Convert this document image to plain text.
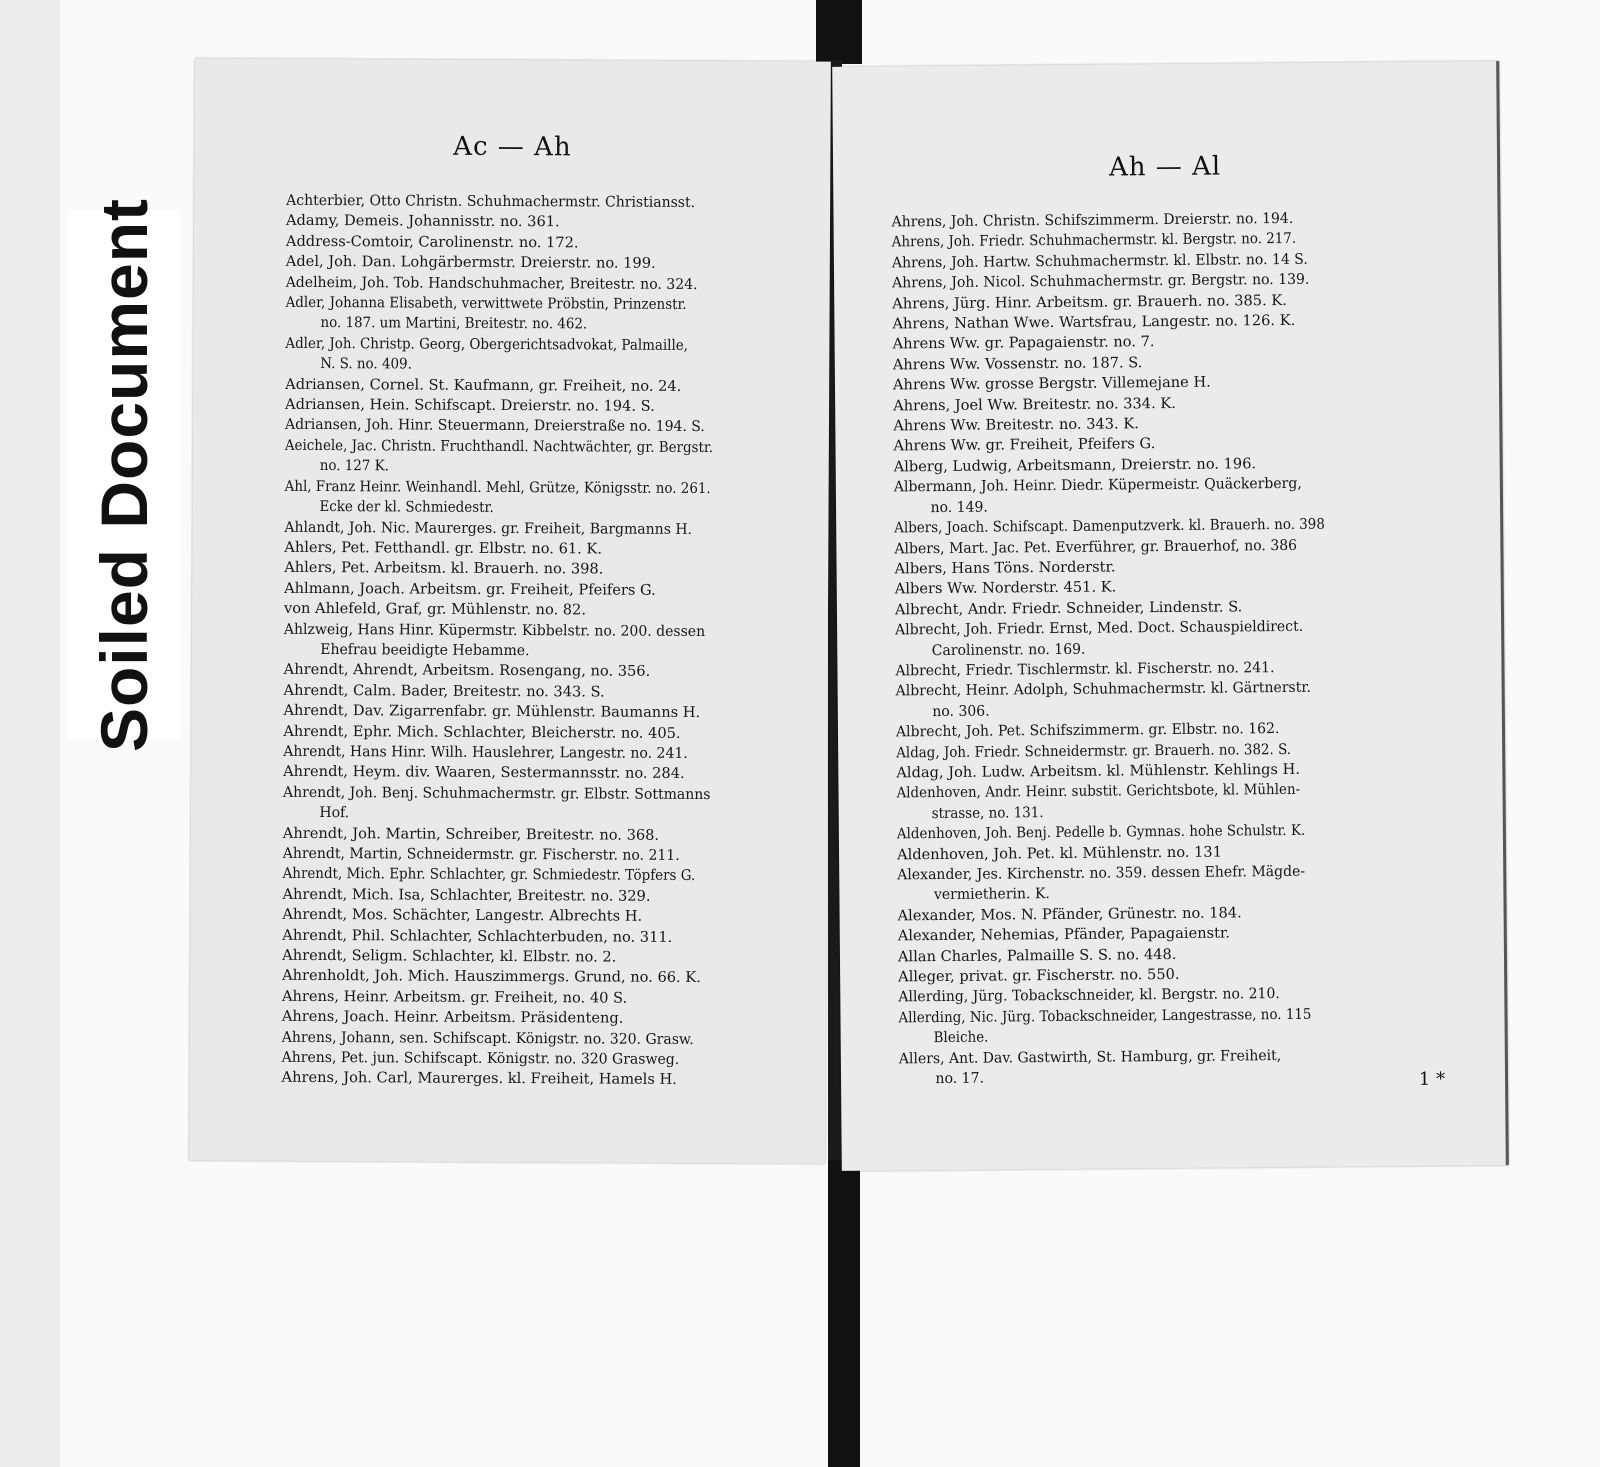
Soiled Document
Ac — Ah
Achterbier, Otto Christn. Schuhmachermstr. Christiansst.
Adamy, Demeis. Johannisstr. no. 361.
Address-Comtoir, Carolinenstr. no. 172.
Adel, Joh. Dan. Lohgärbermstr. Dreierstr. no. 199.
Adelheim, Joh. Tob. Handschuhmacher, Breitestr. no. 324.
Adler, Johanna Elisabeth, verwittwete Pröbstin, Prinzenstr.
no. 187. um Martini, Breitestr. no. 462.
Adler, Joh. Christp. Georg, Obergerichtsadvokat, Palmaille,
N. S. no. 409.
Adriansen, Cornel. St. Kaufmann, gr. Freiheit, no. 24.
Adriansen, Hein. Schifscapt. Dreierstr. no. 194. S.
Adriansen, Joh. Hinr. Steuermann, Dreierstraße no. 194. S.
Aeichele, Jac. Christn. Fruchthandl. Nachtwächter, gr. Bergstr.
no. 127 K.
Ahl, Franz Heinr. Weinhandl. Mehl, Grütze, Königsstr. no. 261.
Ecke der kl. Schmiedestr.
Ahlandt, Joh. Nic. Maurerges. gr. Freiheit, Bargmanns H.
Ahlers, Pet. Fetthandl. gr. Elbstr. no. 61. K.
Ahlers, Pet. Arbeitsm. kl. Brauerh. no. 398.
Ahlmann, Joach. Arbeitsm. gr. Freiheit, Pfeifers G.
von Ahlefeld, Graf, gr. Mühlenstr. no. 82.
Ahlzweig, Hans Hinr. Küpermstr. Kibbelstr. no. 200. dessen
Ehefrau beeidigte Hebamme.
Ahrendt, Ahrendt, Arbeitsm. Rosengang, no. 356.
Ahrendt, Calm. Bader, Breitestr. no. 343. S.
Ahrendt, Dav. Zigarrenfabr. gr. Mühlenstr. Baumanns H.
Ahrendt, Ephr. Mich. Schlachter, Bleicherstr. no. 405.
Ahrendt, Hans Hinr. Wilh. Hauslehrer, Langestr. no. 241.
Ahrendt, Heym. div. Waaren, Sestermannsstr. no. 284.
Ahrendt, Joh. Benj. Schuhmachermstr. gr. Elbstr. Sottmanns
Hof.
Ahrendt, Joh. Martin, Schreiber, Breitestr. no. 368.
Ahrendt, Martin, Schneidermstr. gr. Fischerstr. no. 211.
Ahrendt, Mich. Ephr. Schlachter, gr. Schmiedestr. Töpfers G.
Ahrendt, Mich. Isa, Schlachter, Breitestr. no. 329.
Ahrendt, Mos. Schächter, Langestr. Albrechts H.
Ahrendt, Phil. Schlachter, Schlachterbuden, no. 311.
Ahrendt, Seligm. Schlachter, kl. Elbstr. no. 2.
Ahrenholdt, Joh. Mich. Hauszimmergs. Grund, no. 66. K.
Ahrens, Heinr. Arbeitsm. gr. Freiheit, no. 40 S.
Ahrens, Joach. Heinr. Arbeitsm. Präsidenteng.
Ahrens, Johann, sen. Schifscapt. Königstr. no. 320. Grasw.
Ahrens, Pet. jun. Schifscapt. Königstr. no. 320 Grasweg.
Ahrens, Joh. Carl, Maurerges. kl. Freiheit, Hamels H.
Ah — Al
Ahrens, Joh. Christn. Schifszimmerm. Dreierstr. no. 194.
Ahrens, Joh. Friedr. Schuhmachermstr. kl. Bergstr. no. 217.
Ahrens, Joh. Hartw. Schuhmachermstr. kl. Elbstr. no. 14 S.
Ahrens, Joh. Nicol. Schuhmachermstr. gr. Bergstr. no. 139.
Ahrens, Jürg. Hinr. Arbeitsm. gr. Brauerh. no. 385. K.
Ahrens, Nathan Wwe. Wartsfrau, Langestr. no. 126. K.
Ahrens Ww. gr. Papagaienstr. no. 7.
Ahrens Ww. Vossenstr. no. 187. S.
Ahrens Ww. grosse Bergstr. Villemejane H.
Ahrens, Joel Ww. Breitestr. no. 334. K.
Ahrens Ww. Breitestr. no. 343. K.
Ahrens Ww. gr. Freiheit, Pfeifers G.
Alberg, Ludwig, Arbeitsmann, Dreierstr. no. 196.
Albermann, Joh. Heinr. Diedr. Küpermeistr. Quäckerberg,
no. 149.
Albers, Joach. Schifscapt. Damenputzverk. kl. Brauerh. no. 398
Albers, Mart. Jac. Pet. Everführer, gr. Brauerhof, no. 386
Albers, Hans Töns. Norderstr.
Albers Ww. Norderstr. 451. K.
Albrecht, Andr. Friedr. Schneider, Lindenstr. S.
Albrecht, Joh. Friedr. Ernst, Med. Doct. Schauspieldirect.
Carolinenstr. no. 169.
Albrecht, Friedr. Tischlermstr. kl. Fischerstr. no. 241.
Albrecht, Heinr. Adolph, Schuhmachermstr. kl. Gärtnerstr.
no. 306.
Albrecht, Joh. Pet. Schifszimmerm. gr. Elbstr. no. 162.
Aldag, Joh. Friedr. Schneidermstr. gr. Brauerh. no. 382. S.
Aldag, Joh. Ludw. Arbeitsm. kl. Mühlenstr. Kehlings H.
Aldenhoven, Andr. Heinr. substit. Gerichtsbote, kl. Mühlen-
strasse, no. 131.
Aldenhoven, Joh. Benj. Pedelle b. Gymnas. hohe Schulstr. K.
Aldenhoven, Joh. Pet. kl. Mühlenstr. no. 131
Alexander, Jes. Kirchenstr. no. 359. dessen Ehefr. Mägde-
vermietherin. K.
Alexander, Mos. N. Pfänder, Grünestr. no. 184.
Alexander, Nehemias, Pfänder, Papagaienstr.
Allan Charles, Palmaille S. S. no. 448.
Alleger, privat. gr. Fischerstr. no. 550.
Allerding, Jürg. Tobackschneider, kl. Bergstr. no. 210.
Allerding, Nic. Jürg. Tobackschneider, Langestrasse, no. 115
Bleiche.
Allers, Ant. Dav. Gastwirth, St. Hamburg, gr. Freiheit,
no. 17.	1 *
